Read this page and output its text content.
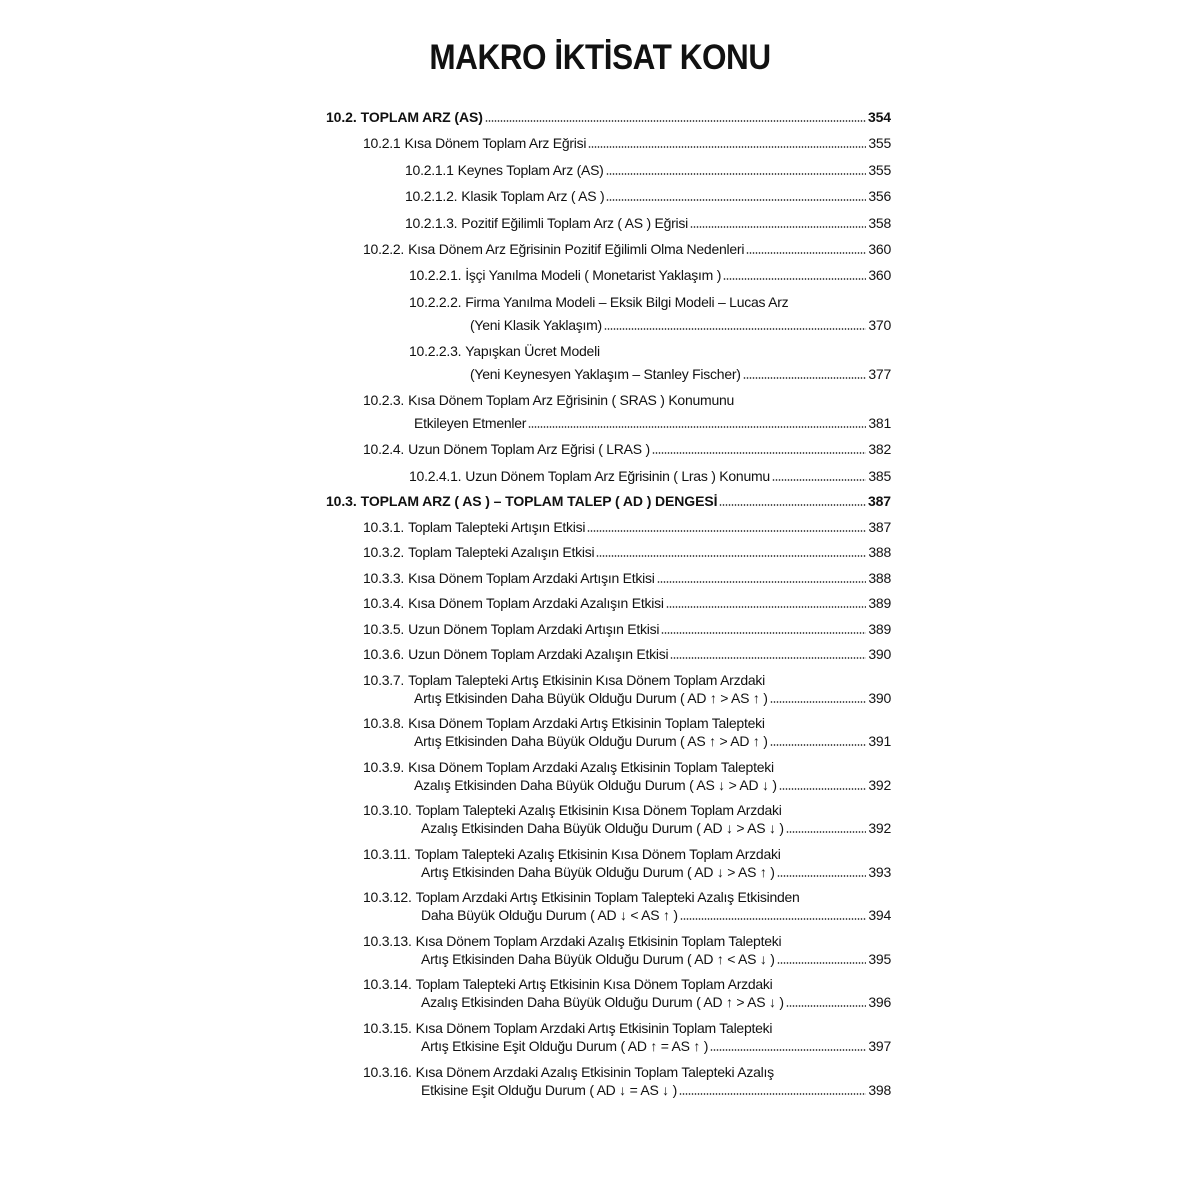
MAKRO İKTİSAT KONU
10.2. TOPLAM ARZ (AS)	354
10.2.1 Kısa Dönem Toplam Arz Eğrisi	355
10.2.1.1 Keynes Toplam Arz (AS)	355
10.2.1.2. Klasik Toplam Arz ( AS )	356
10.2.1.3. Pozitif Eğilimli Toplam Arz ( AS ) Eğrisi	358
10.2.2. Kısa Dönem Arz Eğrisinin Pozitif Eğilimli Olma Nedenleri	360
10.2.2.1. İşçi Yanılma Modeli ( Monetarist Yaklaşım )	360
10.2.2.2. Firma Yanılma Modeli – Eksik Bilgi Modeli – Lucas Arz
(Yeni Klasik Yaklaşım)	370
10.2.2.3. Yapışkan Ücret Modeli
(Yeni Keynesyen Yaklaşım – Stanley Fischer)	377
10.2.3. Kısa Dönem Toplam Arz Eğrisinin ( SRAS ) Konumunu
Etkileyen Etmenler	381
10.2.4. Uzun Dönem Toplam Arz Eğrisi ( LRAS )	382
10.2.4.1. Uzun Dönem Toplam Arz Eğrisinin ( Lras ) Konumu	385
10.3. TOPLAM ARZ ( AS ) – TOPLAM TALEP ( AD ) DENGESİ	387
10.3.1. Toplam Talepteki Artışın Etkisi	387
10.3.2. Toplam Talepteki Azalışın Etkisi	388
10.3.3. Kısa Dönem Toplam Arzdaki Artışın Etkisi	388
10.3.4. Kısa Dönem Toplam Arzdaki Azalışın Etkisi	389
10.3.5. Uzun Dönem Toplam Arzdaki Artışın Etkisi	389
10.3.6. Uzun Dönem Toplam Arzdaki Azalışın Etkisi	390
10.3.7. Toplam Talepteki Artış Etkisinin Kısa Dönem Toplam Arzdaki
Artış Etkisinden Daha Büyük Olduğu Durum ( AD ↑ > AS ↑ )	390
10.3.8. Kısa Dönem Toplam Arzdaki Artış Etkisinin Toplam Talepteki
Artış Etkisinden Daha Büyük Olduğu Durum ( AS ↑ > AD ↑ )	391
10.3.9. Kısa Dönem Toplam Arzdaki Azalış Etkisinin Toplam Talepteki
Azalış Etkisinden Daha Büyük Olduğu Durum ( AS ↓ > AD ↓ )	392
10.3.10. Toplam Talepteki Azalış Etkisinin Kısa Dönem Toplam Arzdaki
Azalış Etkisinden Daha Büyük Olduğu Durum ( AD ↓ > AS ↓ )	392
10.3.11. Toplam Talepteki Azalış Etkisinin Kısa Dönem Toplam Arzdaki
Artış Etkisinden Daha Büyük Olduğu Durum ( AD ↓ > AS ↑ )	393
10.3.12. Toplam Arzdaki Artış Etkisinin Toplam Talepteki Azalış Etkisinden
Daha Büyük Olduğu Durum ( AD ↓ < AS ↑ )	394
10.3.13. Kısa Dönem Toplam Arzdaki Azalış Etkisinin Toplam Talepteki
Artış Etkisinden Daha Büyük Olduğu Durum ( AD ↑ < AS ↓ )	395
10.3.14. Toplam Talepteki Artış Etkisinin Kısa Dönem Toplam Arzdaki
Azalış Etkisinden Daha Büyük Olduğu Durum ( AD ↑ > AS ↓ )	396
10.3.15. Kısa Dönem Toplam Arzdaki Artış Etkisinin Toplam Talepteki
Artış Etkisine Eşit Olduğu Durum ( AD ↑ = AS ↑ )	397
10.3.16. Kısa Dönem Arzdaki Azalış Etkisinin Toplam Talepteki Azalış
Etkisine Eşit Olduğu Durum ( AD ↓ = AS ↓ )	398
